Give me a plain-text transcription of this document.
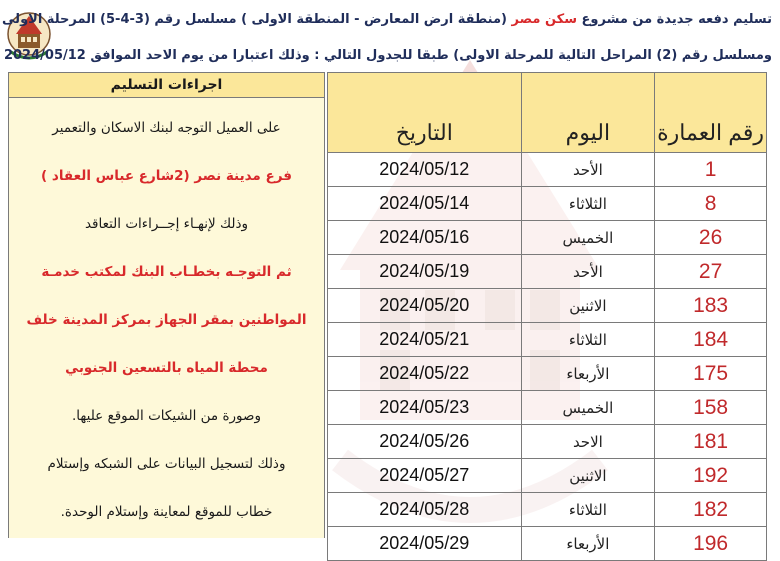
تسليم دفعه جديدة من مشروع سكن مصر (منطقة ارض المعارض - المنطقة الاولى ) مسلسل رقم (3-4-5) المرحلة الاولى
ومسلسل رقم (2) المراحل التالية للمرحلة الاولى) طبقا للجدول التالي : وذلك اعتبارا من يوم الاحد الموافق 2024/05/12
رقم العمارة	اليوم	التاريخ
1	الأحد	2024/05/12
8	الثلاثاء	2024/05/14
26	الخميس	2024/05/16
27	الأحد	2024/05/19
183	الاثنين	2024/05/20
184	الثلاثاء	2024/05/21
175	الأربعاء	2024/05/22
158	الخميس	2024/05/23
181	الاحد	2024/05/26
192	الاثنين	2024/05/27
182	الثلاثاء	2024/05/28
196	الأربعاء	2024/05/29
اجراءات التسليم
على العميل التوجه لبنك الاسكان والتعمير
فرع مدينة نصر (2شارع عباس العقاد )
وذلك لإنهـاء إجــراءات التعاقد
ثم التوجـه بخطـاب البنك لمكتب خدمـة
المواطنين بمقر الجهاز بمركز المدينة خلف
محطة المياه بالتسعين الجنوبي
وصورة من الشيكات الموقع عليها.
وذلك لتسجيل البيانات على الشبكه وإستلام
خطاب للموقع لمعاينة وإستلام الوحدة.
